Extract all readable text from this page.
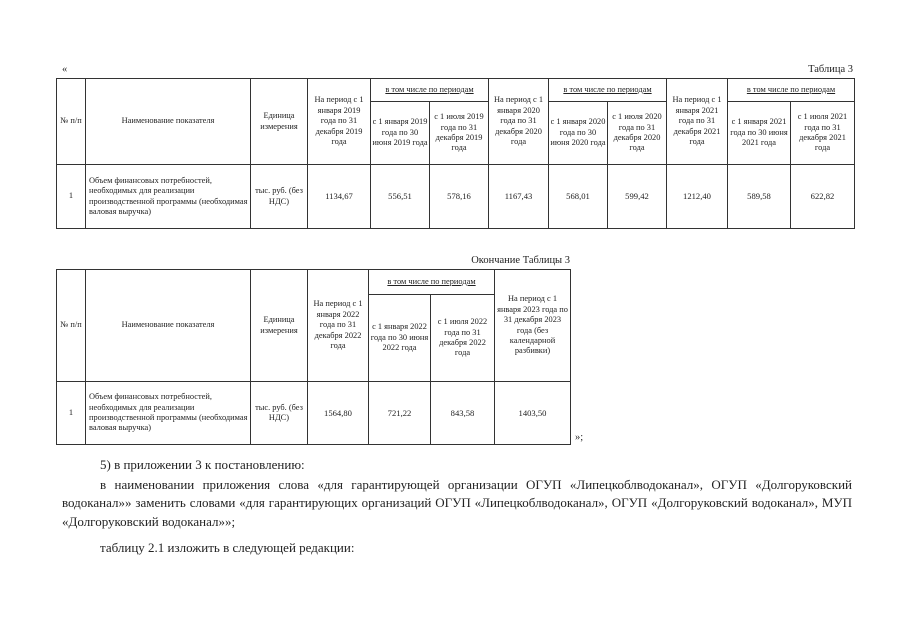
«	Таблица 3
№ п/п	Наименование показателя	Единица измерения	На период с 1 января 2019 года по 31 декабря 2019 года	в том числе по периодам		На период с 1 января 2020 года по 31 декабря 2020 года	в том числе по периодам		На период с 1 января 2021 года по 31 декабря 2021 года	в том числе по периодам	
				с 1 января 2019 года по 30 июня 2019 года	с 1 июля 2019 года по 31 декабря 2019 года		с 1 января 2020 года по 30 июня 2020 года	с 1 июля 2020 года по 31 декабря 2020 года		с 1 января 2021 года по 30 июня 2021 года	с 1 июля 2021 года по 31 декабря 2021 года
1	Объем финансовых потребностей, необходимых для реализации производственной программы (необходимая валовая выручка)	тыс. руб. (без НДС)	1134,67	556,51	578,16	1167,43	568,01	599,42	1212,40	589,58	622,82
Окончание Таблицы 3
№ п/п	Наименование показателя	Единица измерения	На период с 1 января 2022 года по 31 декабря 2022 года	в том числе по периодам		На период с 1 января 2023 года по 31 декабря 2023 года (без календарной разбивки)
				с 1 января 2022 года по 30 июня 2022 года	с 1 июля 2022 года по 31 декабря 2022 года	
1	Объем финансовых потребностей, необходимых для реализации производственной программы (необходимая валовая выручка)	тыс. руб. (без НДС)	1564,80	721,22	843,58	1403,50
»;
5) в приложении 3 к постановлению:
в наименовании приложения слова «для гарантирующей организации ОГУП «Липецкоблводоканал», ОГУП «Долгоруковский водоканал»» заменить словами «для гарантирующих организаций ОГУП «Липецкоблводоканал», ОГУП «Долгоруковский водоканал», МУП «Долгоруковский водоканал»»;
таблицу 2.1 изложить в следующей редакции:
